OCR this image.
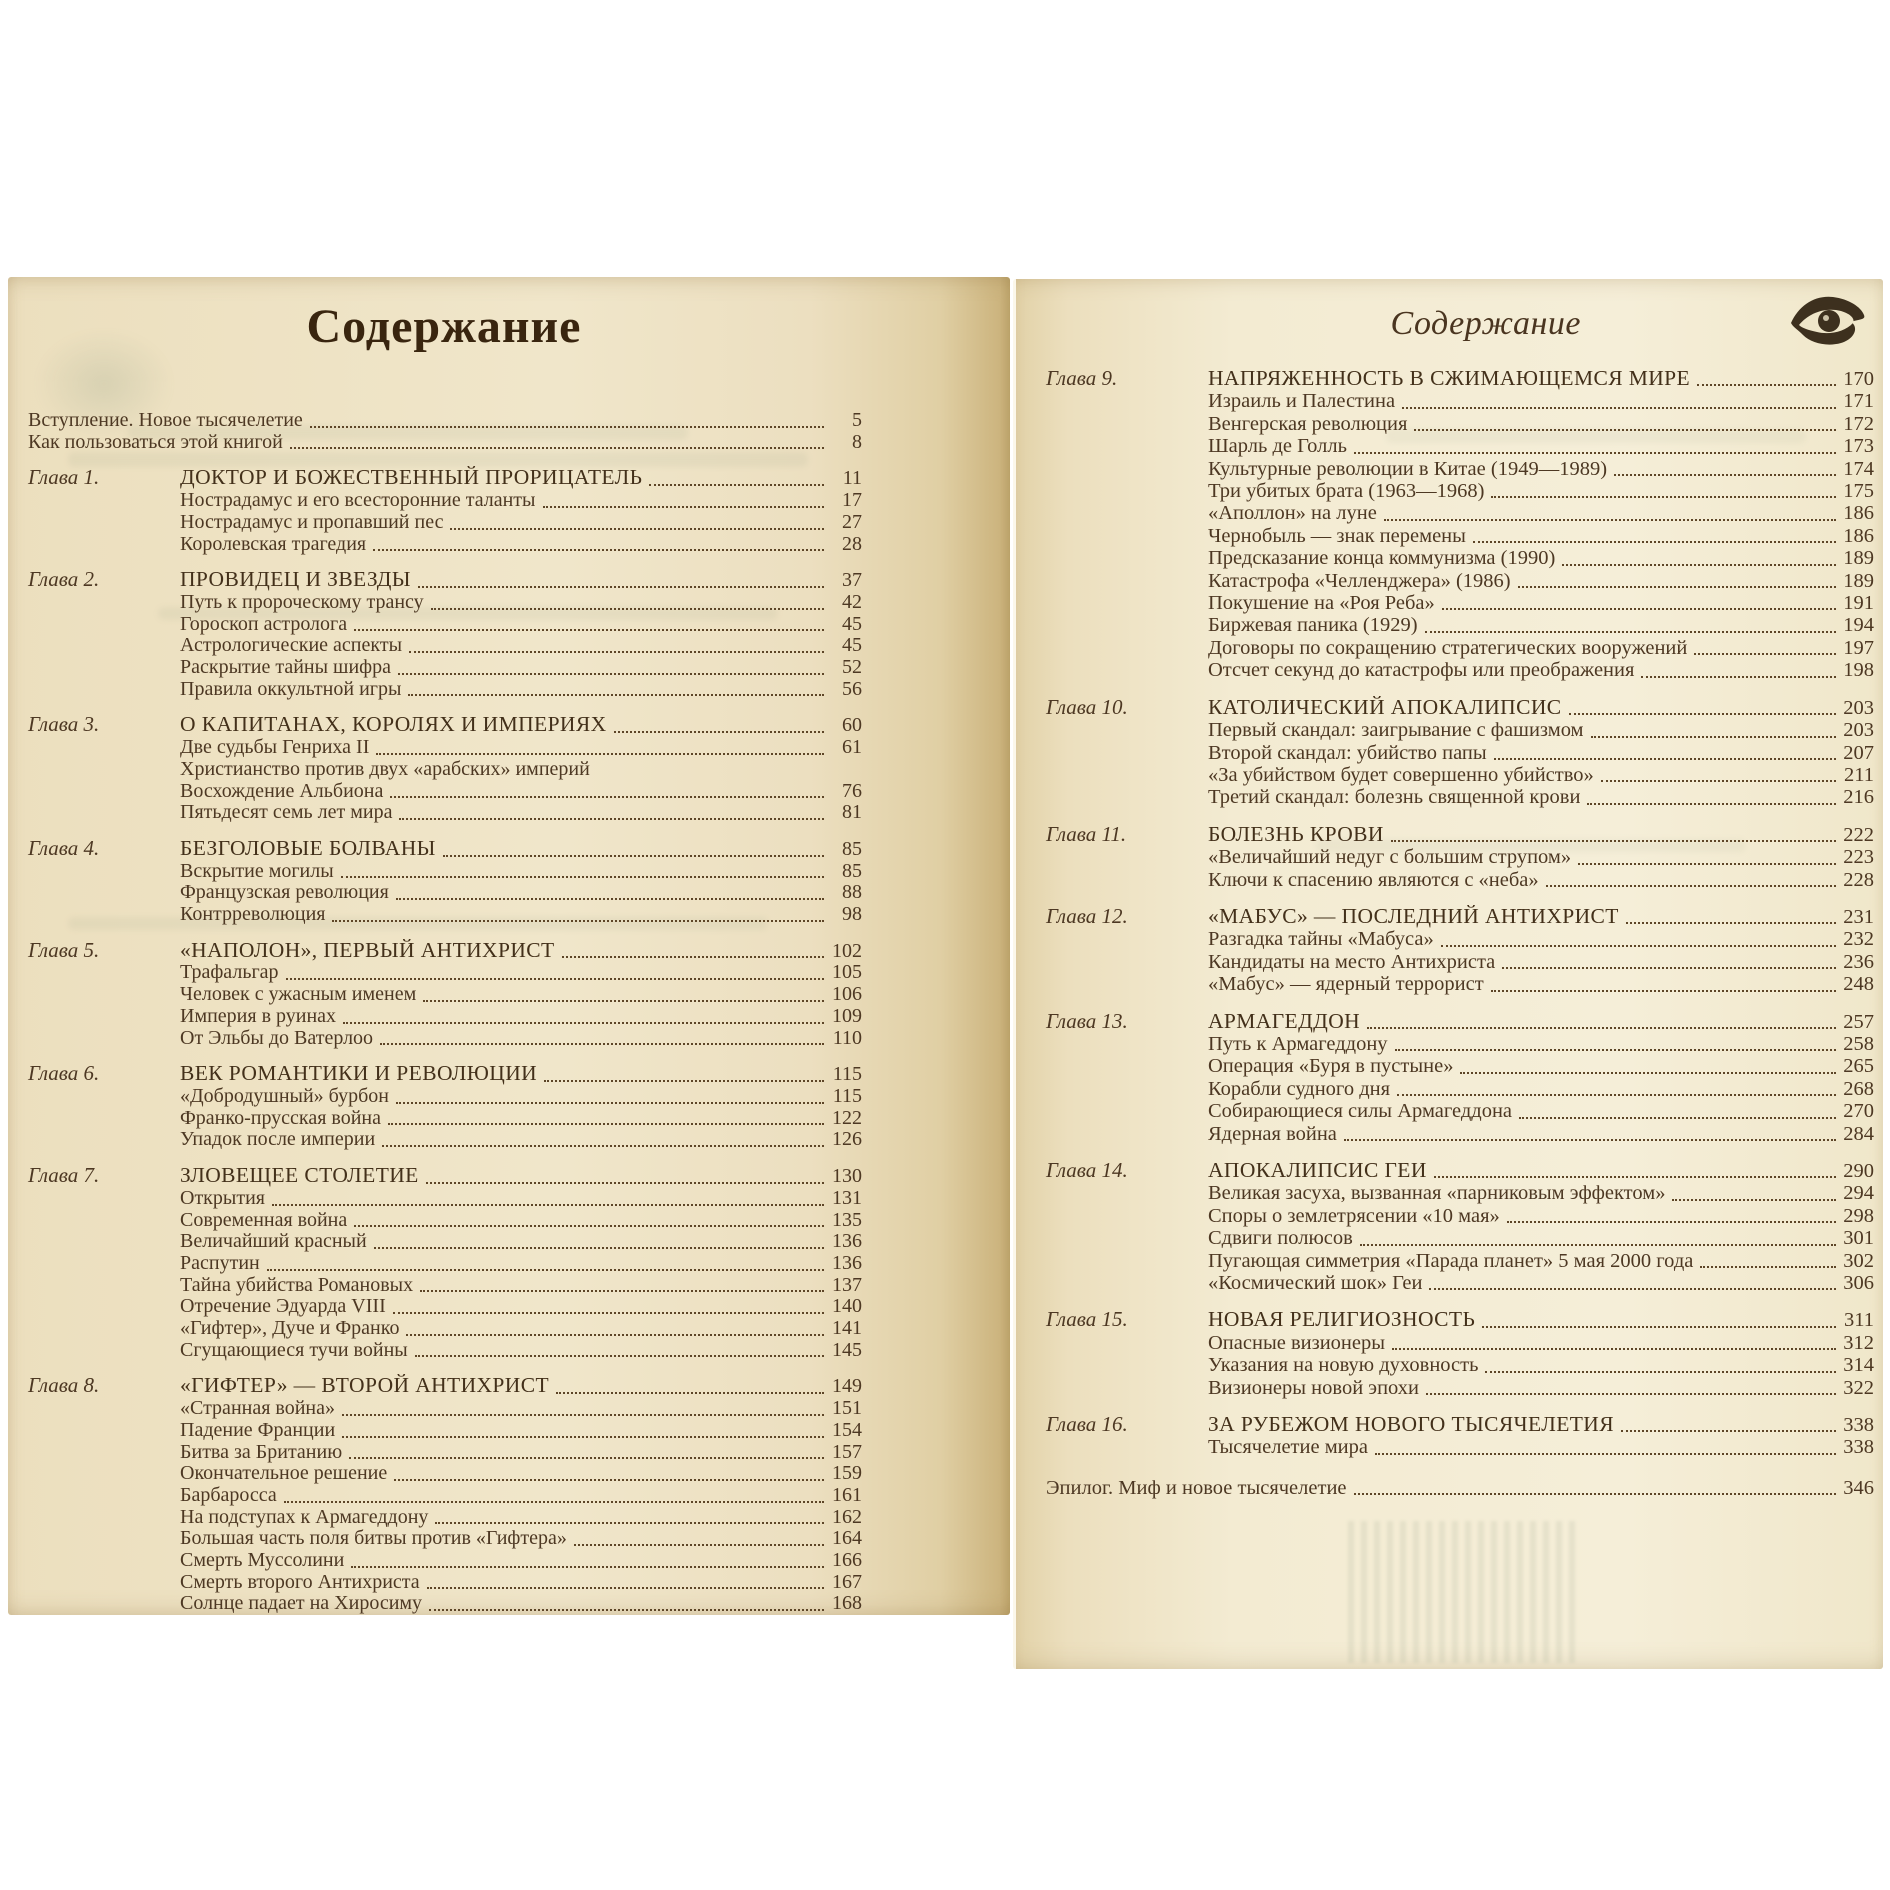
Содержание
Вступление. Новое тысячелетие	5
Как пользоваться этой книгой	8
Глава 1.	ДОКТОР И БОЖЕСТВЕННЫЙ ПРОРИЦАТЕЛЬ	11
Нострадамус и его всесторонние таланты	17
Нострадамус и пропавший пес	27
Королевская трагедия	28
Глава 2.	ПРОВИДЕЦ И ЗВЕЗДЫ	37
Путь к пророческому трансу	42
Гороскоп астролога	45
Астрологические аспекты	45
Раскрытие тайны шифра	52
Правила оккультной игры	56
Глава 3.	О КАПИТАНАХ, КОРОЛЯХ И ИМПЕРИЯХ	60
Две судьбы Генриха II	61
Христианство против двух «арабских» империй
Восхождение Альбиона	76
Пятьдесят семь лет мира	81
Глава 4.	БЕЗГОЛОВЫЕ БОЛВАНЫ	85
Вскрытие могилы	85
Французская революция	88
Контрреволюция	98
Глава 5.	«НАПОЛОН», ПЕРВЫЙ АНТИХРИСТ	102
Трафальгар	105
Человек с ужасным именем	106
Империя в руинах	109
От Эльбы до Ватерлоо	110
Глава 6.	ВЕК РОМАНТИКИ И РЕВОЛЮЦИИ	115
«Добродушный» бурбон	115
Франко-прусская война	122
Упадок после империи	126
Глава 7.	ЗЛОВЕЩЕЕ СТОЛЕТИЕ	130
Открытия	131
Современная война	135
Величайший красный	136
Распутин	136
Тайна убийства Романовых	137
Отречение Эдуарда VIII	140
«Гифтер», Дуче и Франко	141
Сгущающиеся тучи войны	145
Глава 8.	«ГИФТЕР» — ВТОРОЙ АНТИХРИСТ	149
«Странная война»	151
Падение Франции	154
Битва за Британию	157
Окончательное решение	159
Барбаросса	161
На подступах к Армагеддону	162
Большая часть поля битвы против «Гифтера»	164
Смерть Муссолини	166
Смерть второго Антихриста	167
Солнце падает на Хиросиму	168
Содержание
Глава 9.	НАПРЯЖЕННОСТЬ В СЖИМАЮЩЕМСЯ МИРЕ	170
Израиль и Палестина	171
Венгерская революция	172
Шарль де Голль	173
Культурные революции в Китае (1949—1989)	174
Три убитых брата (1963—1968)	175
«Аполлон» на луне	186
Чернобыль — знак перемены	186
Предсказание конца коммунизма (1990)	189
Катастрофа «Челленджера» (1986)	189
Покушение на «Роя Реба»	191
Биржевая паника (1929)	194
Договоры по сокращению стратегических вооружений	197
Отсчет секунд до катастрофы или преображения	198
Глава 10.	КАТОЛИЧЕСКИЙ АПОКАЛИПСИС	203
Первый скандал: заигрывание с фашизмом	203
Второй скандал: убийство папы	207
«За убийством будет совершенно убийство»	211
Третий скандал: болезнь священной крови	216
Глава 11.	БОЛЕЗНЬ КРОВИ	222
«Величайший недуг с большим струпом»	223
Ключи к спасению являются с «неба»	228
Глава 12.	«МАБУС» — ПОСЛЕДНИЙ АНТИХРИСТ	231
Разгадка тайны «Мабуса»	232
Кандидаты на место Антихриста	236
«Мабус» — ядерный террорист	248
Глава 13.	АРМАГЕДДОН	257
Путь к Армагеддону	258
Операция «Буря в пустыне»	265
Корабли судного дня	268
Собирающиеся силы Армагеддона	270
Ядерная война	284
Глава 14.	АПОКАЛИПСИС ГЕИ	290
Великая засуха, вызванная «парниковым эффектом»	294
Споры о землетрясении «10 мая»	298
Сдвиги полюсов	301
Пугающая симметрия «Парада планет» 5 мая 2000 года	302
«Космический шок» Геи	306
Глава 15.	НОВАЯ РЕЛИГИОЗНОСТЬ	311
Опасные визионеры	312
Указания на новую духовность	314
Визионеры новой эпохи	322
Глава 16.	ЗА РУБЕЖОМ НОВОГО ТЫСЯЧЕЛЕТИЯ	338
Тысячелетие мира	338
Эпилог. Миф и новое тысячелетие	346
